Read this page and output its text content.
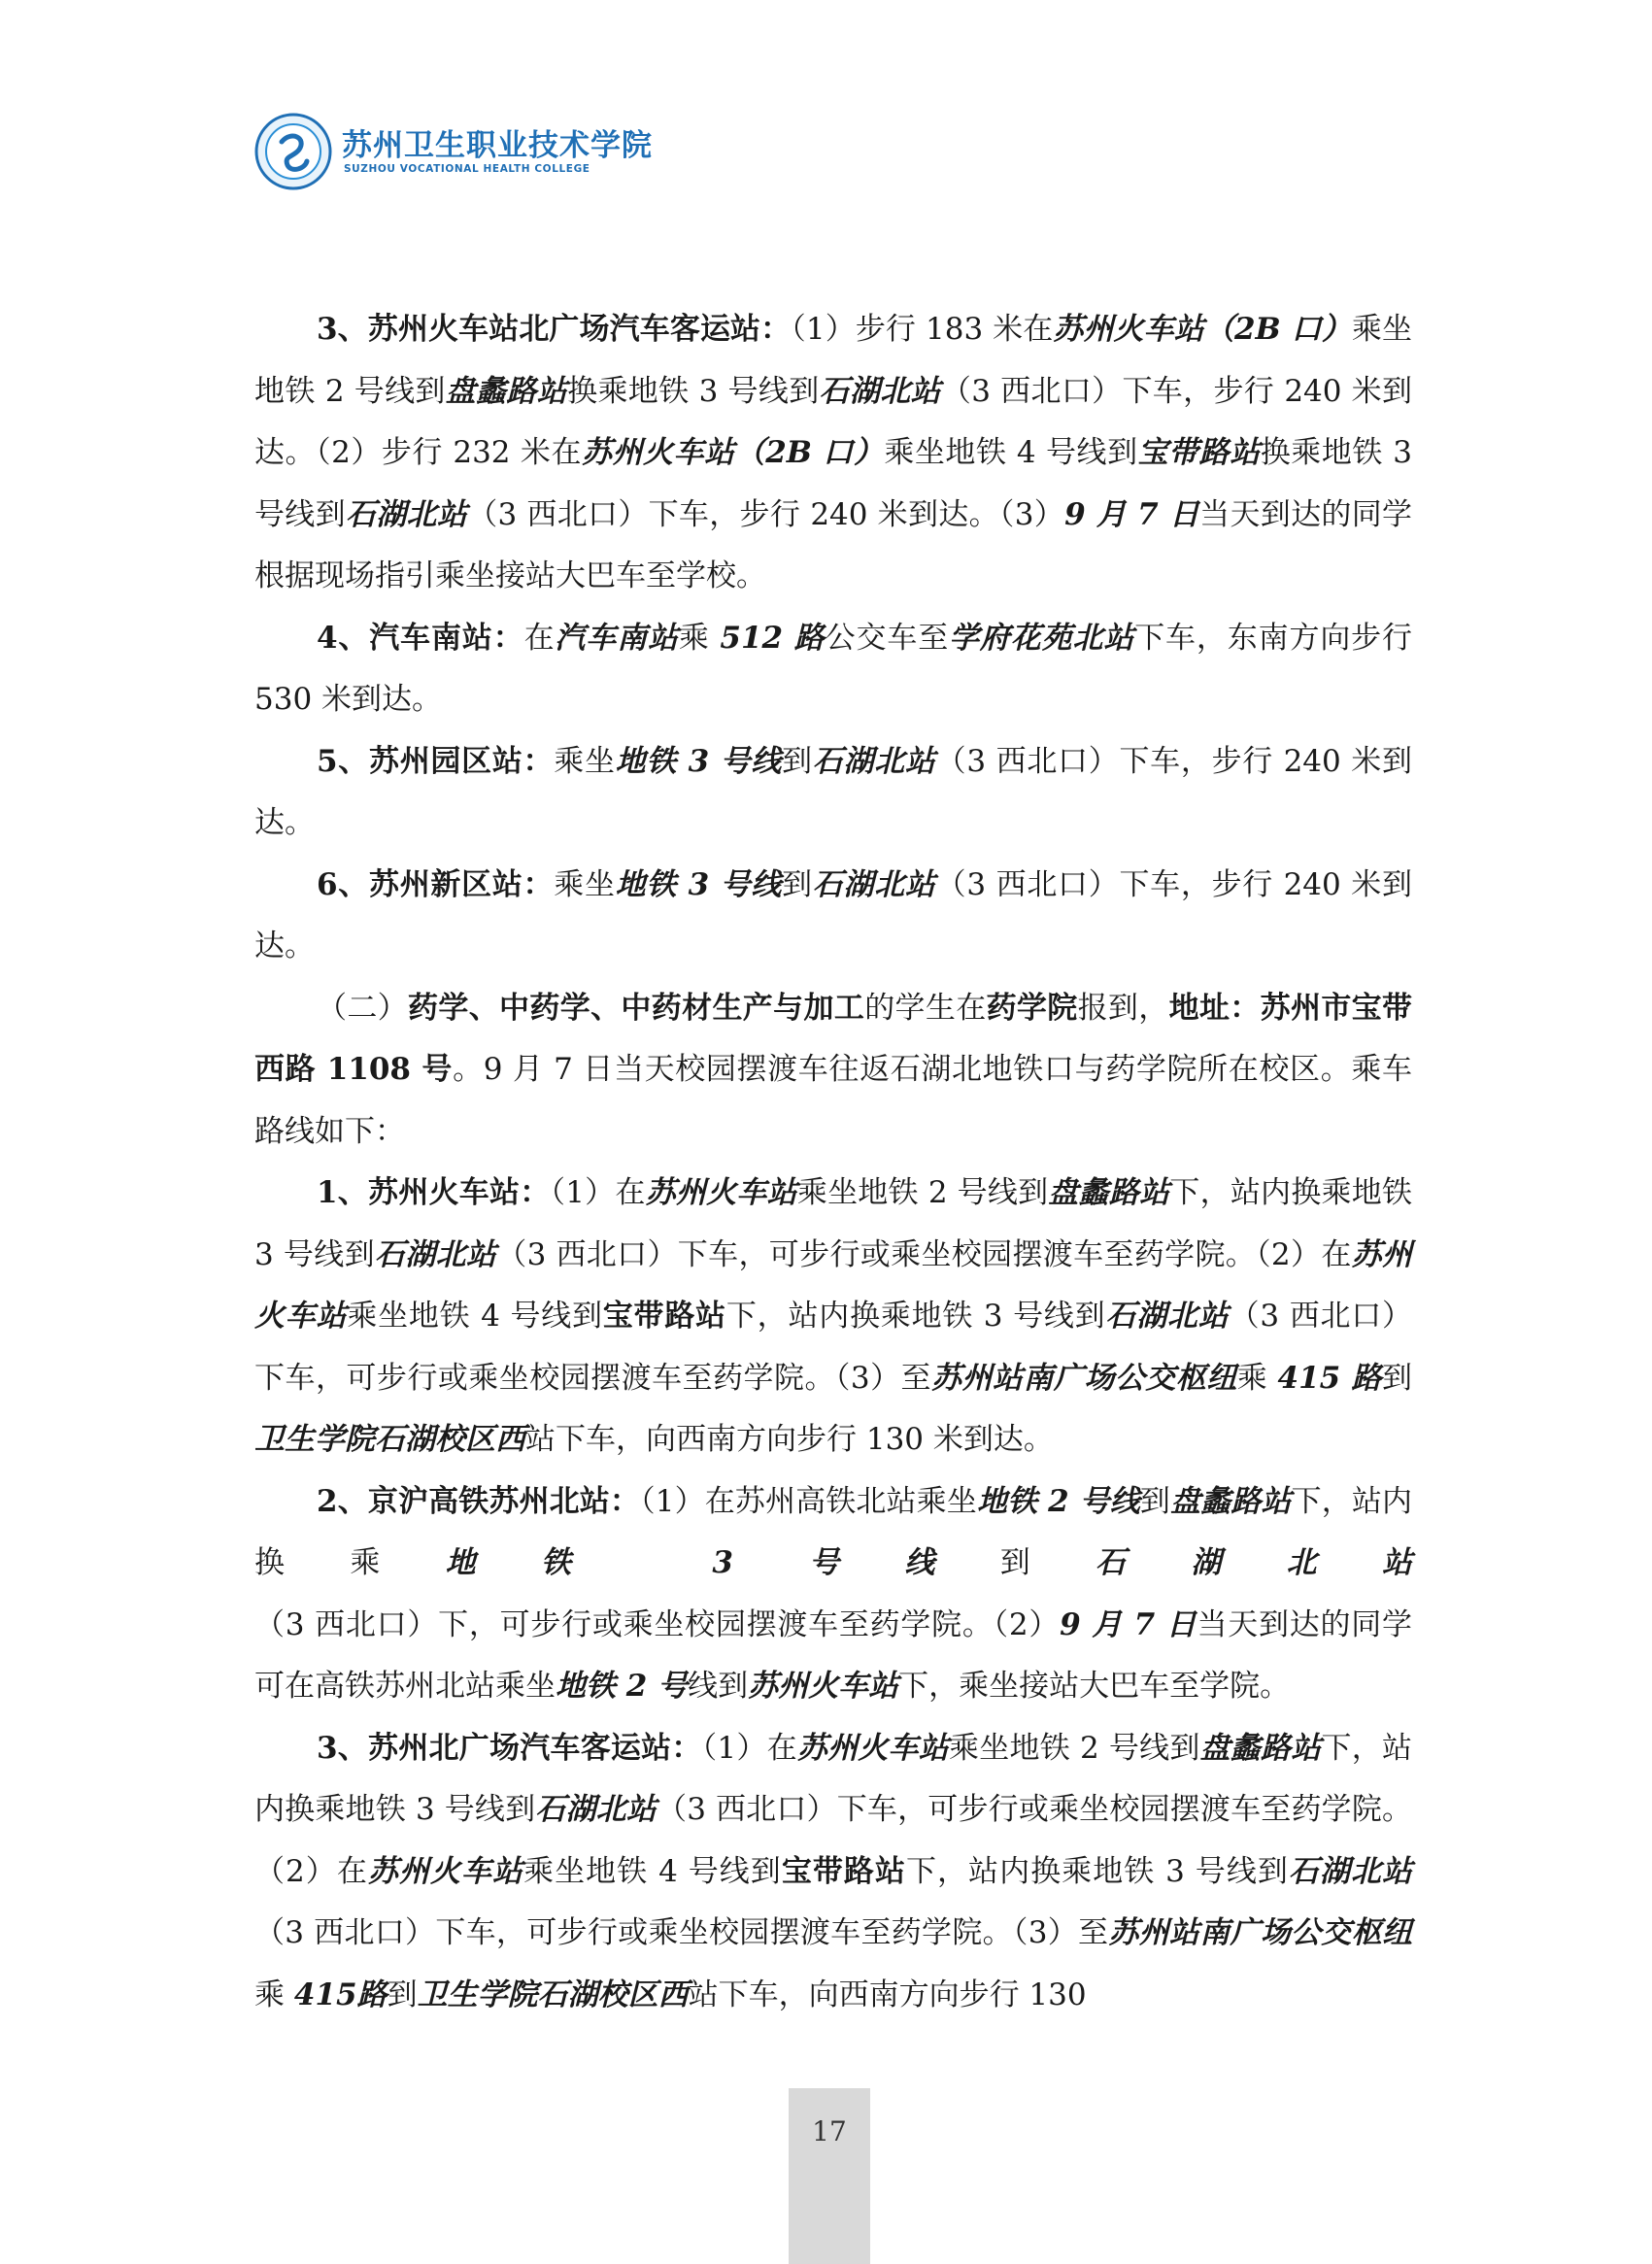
苏州卫生职业技术学院
SUZHOU VOCATIONAL HEALTH COLLEGE

3、苏州火车站北广场汽车客运站：（1）步行 183 米在苏州火车站（2B 口）乘坐地铁 2 号线到盘蠡路站换乘地铁 3 号线到石湖北站（3 西北口）下车，步行 240 米到达。（2）步行 232 米在苏州火车站（2B 口）乘坐地铁 4 号线到宝带路站换乘地铁 3 号线到石湖北站（3 西北口）下车，步行 240 米到达。（3）9 月 7 日当天到达的同学根据现场指引乘坐接站大巴车至学校。

4、汽车南站：在汽车南站乘 512 路公交车至学府花苑北站下车，东南方向步行 530 米到达。

5、苏州园区站：乘坐地铁 3 号线到石湖北站（3 西北口）下车，步行 240 米到达。

6、苏州新区站：乘坐地铁 3 号线到石湖北站（3 西北口）下车，步行 240 米到达。

（二）药学、中药学、中药材生产与加工的学生在药学院报到，地址：苏州市宝带西路 1108 号。9 月 7 日当天校园摆渡车往返石湖北地铁口与药学院所在校区。乘车路线如下：

1、苏州火车站：（1）在苏州火车站乘坐地铁 2 号线到盘蠡路站下，站内换乘地铁 3 号线到石湖北站（3 西北口）下车，可步行或乘坐校园摆渡车至药学院。（2）在苏州火车站乘坐地铁 4 号线到宝带路站下，站内换乘地铁 3 号线到石湖北站（3 西北口）下车，可步行或乘坐校园摆渡车至药学院。（3）至苏州站南广场公交枢纽乘 415 路到卫生学院石湖校区西站下车，向西南方向步行 130 米到达。

2、京沪高铁苏州北站：（1）在苏州高铁北站乘坐地铁 2 号线到盘蠡路站下，站内换乘地铁 3 号线到石湖北站（3 西北口）下，可步行或乘坐校园摆渡车至药学院。（2）9 月 7 日当天到达的同学可在高铁苏州北站乘坐地铁 2 号线到苏州火车站下，乘坐接站大巴车至学院。

3、苏州北广场汽车客运站：（1）在苏州火车站乘坐地铁 2 号线到盘蠡路站下，站内换乘地铁 3 号线到石湖北站（3 西北口）下车，可步行或乘坐校园摆渡车至药学院。（2）在苏州火车站乘坐地铁 4 号线到宝带路站下，站内换乘地铁 3 号线到石湖北站（3 西北口）下车，可步行或乘坐校园摆渡车至药学院。（3）至苏州站南广场公交枢纽乘 415路到卫生学院石湖校区西站下车，向西南方向步行 130

17
